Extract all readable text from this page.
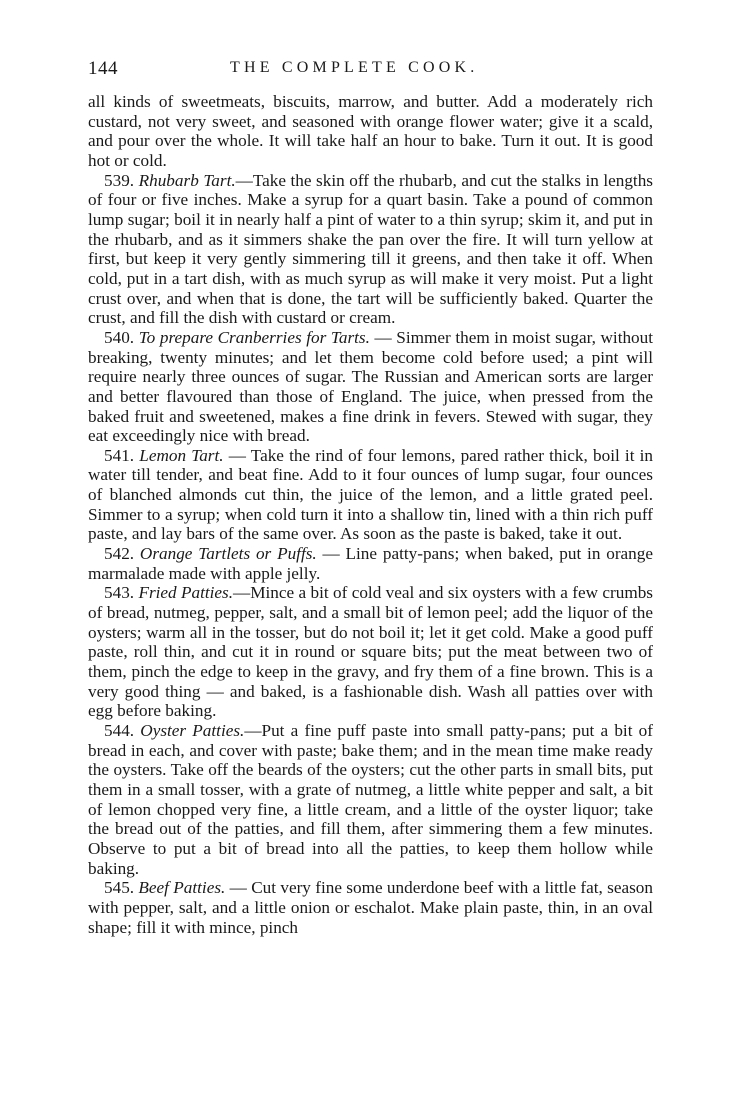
144	THE COMPLETE COOK.

all kinds of sweetmeats, biscuits, marrow, and butter. Add a moderately rich custard, not very sweet, and seasoned with orange flower water; give it a scald, and pour over the whole. It will take half an hour to bake. Turn it out. It is good hot or cold.

539. Rhubarb Tart.—Take the skin off the rhubarb, and cut the stalks in lengths of four or five inches. Make a syrup for a quart basin. Take a pound of common lump sugar; boil it in nearly half a pint of water to a thin syrup; skim it, and put in the rhubarb, and as it simmers shake the pan over the fire. It will turn yellow at first, but keep it very gently simmering till it greens, and then take it off. When cold, put in a tart dish, with as much syrup as will make it very moist. Put a light crust over, and when that is done, the tart will be sufficiently baked. Quarter the crust, and fill the dish with custard or cream.

540. To prepare Cranberries for Tarts. — Simmer them in moist sugar, without breaking, twenty minutes; and let them become cold before used; a pint will require nearly three ounces of sugar. The Russian and American sorts are larger and better flavoured than those of England. The juice, when pressed from the baked fruit and sweetened, makes a fine drink in fevers. Stewed with sugar, they eat exceedingly nice with bread.

541. Lemon Tart. — Take the rind of four lemons, pared rather thick, boil it in water till tender, and beat fine. Add to it four ounces of lump sugar, four ounces of blanched almonds cut thin, the juice of the lemon, and a little grated peel. Simmer to a syrup; when cold turn it into a shallow tin, lined with a thin rich puff paste, and lay bars of the same over. As soon as the paste is baked, take it out.

542. Orange Tartlets or Puffs. — Line patty-pans; when baked, put in orange marmalade made with apple jelly.

543. Fried Patties.—Mince a bit of cold veal and six oysters with a few crumbs of bread, nutmeg, pepper, salt, and a small bit of lemon peel; add the liquor of the oysters; warm all in the tosser, but do not boil it; let it get cold. Make a good puff paste, roll thin, and cut it in round or square bits; put the meat between two of them, pinch the edge to keep in the gravy, and fry them of a fine brown. This is a very good thing — and baked, is a fashionable dish. Wash all patties over with egg before baking.

544. Oyster Patties.—Put a fine puff paste into small patty-pans; put a bit of bread in each, and cover with paste; bake them; and in the mean time make ready the oysters. Take off the beards of the oysters; cut the other parts in small bits, put them in a small tosser, with a grate of nutmeg, a little white pepper and salt, a bit of lemon chopped very fine, a little cream, and a little of the oyster liquor; take the bread out of the patties, and fill them, after simmering them a few minutes. Observe to put a bit of bread into all the patties, to keep them hollow while baking.

545. Beef Patties. — Cut very fine some underdone beef with a little fat, season with pepper, salt, and a little onion or eschalot. Make plain paste, thin, in an oval shape; fill it with mince, pinch
